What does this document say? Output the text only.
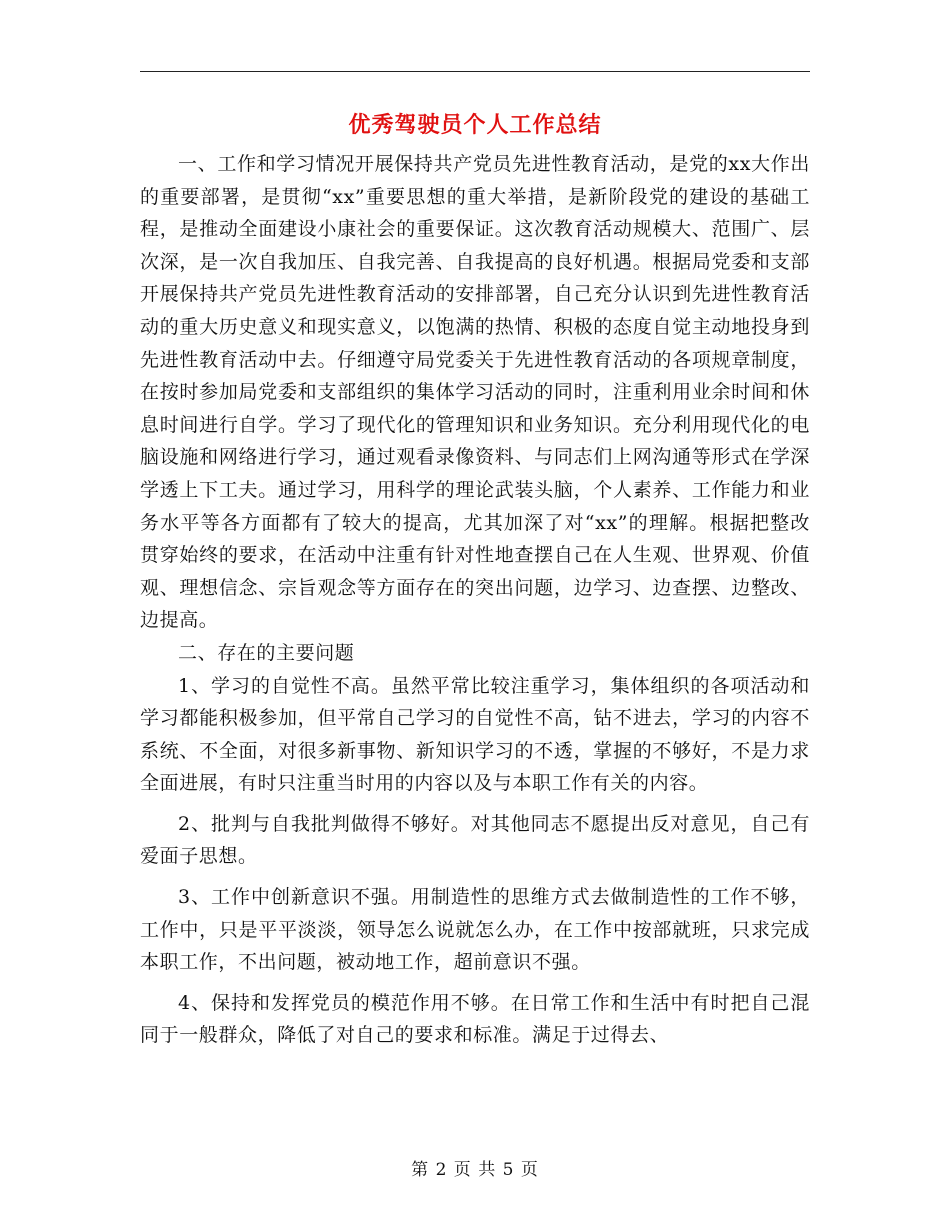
优秀驾驶员个人工作总结

一、工作和学习情况开展保持共产党员先进性教育活动，是党的xx大作出的重要部署，是贯彻“xx”重要思想的重大举措，是新阶段党的建设的基础工程，是推动全面建设小康社会的重要保证。这次教育活动规模大、范围广、层次深，是一次自我加压、自我完善、自我提高的良好机遇。根据局党委和支部开展保持共产党员先进性教育活动的安排部署，自己充分认识到先进性教育活动的重大历史意义和现实意义，以饱满的热情、积极的态度自觉主动地投身到先进性教育活动中去。仔细遵守局党委关于先进性教育活动的各项规章制度，在按时参加局党委和支部组织的集体学习活动的同时，注重利用业余时间和休息时间进行自学。学习了现代化的管理知识和业务知识。充分利用现代化的电脑设施和网络进行学习，通过观看录像资料、与同志们上网沟通等形式在学深学透上下工夫。通过学习，用科学的理论武装头脑，个人素养、工作能力和业务水平等各方面都有了较大的提高，尤其加深了对“xx”的理解。根据把整改贯穿始终的要求，在活动中注重有针对性地查摆自己在人生观、世界观、价值观、理想信念、宗旨观念等方面存在的突出问题，边学习、边查摆、边整改、边提高。

二、存在的主要问题

1、学习的自觉性不高。虽然平常比较注重学习，集体组织的各项活动和学习都能积极参加，但平常自己学习的自觉性不高，钻不进去，学习的内容不系统、不全面，对很多新事物、新知识学习的不透，掌握的不够好，不是力求全面进展，有时只注重当时用的内容以及与本职工作有关的内容。

2、批判与自我批判做得不够好。对其他同志不愿提出反对意见，自己有爱面子思想。

3、工作中创新意识不强。用制造性的思维方式去做制造性的工作不够，工作中，只是平平淡淡，领导怎么说就怎么办，在工作中按部就班，只求完成本职工作，不出问题，被动地工作，超前意识不强。

4、保持和发挥党员的模范作用不够。在日常工作和生活中有时把自己混同于一般群众，降低了对自己的要求和标准。满足于过得去、

第 2 页 共 5 页
